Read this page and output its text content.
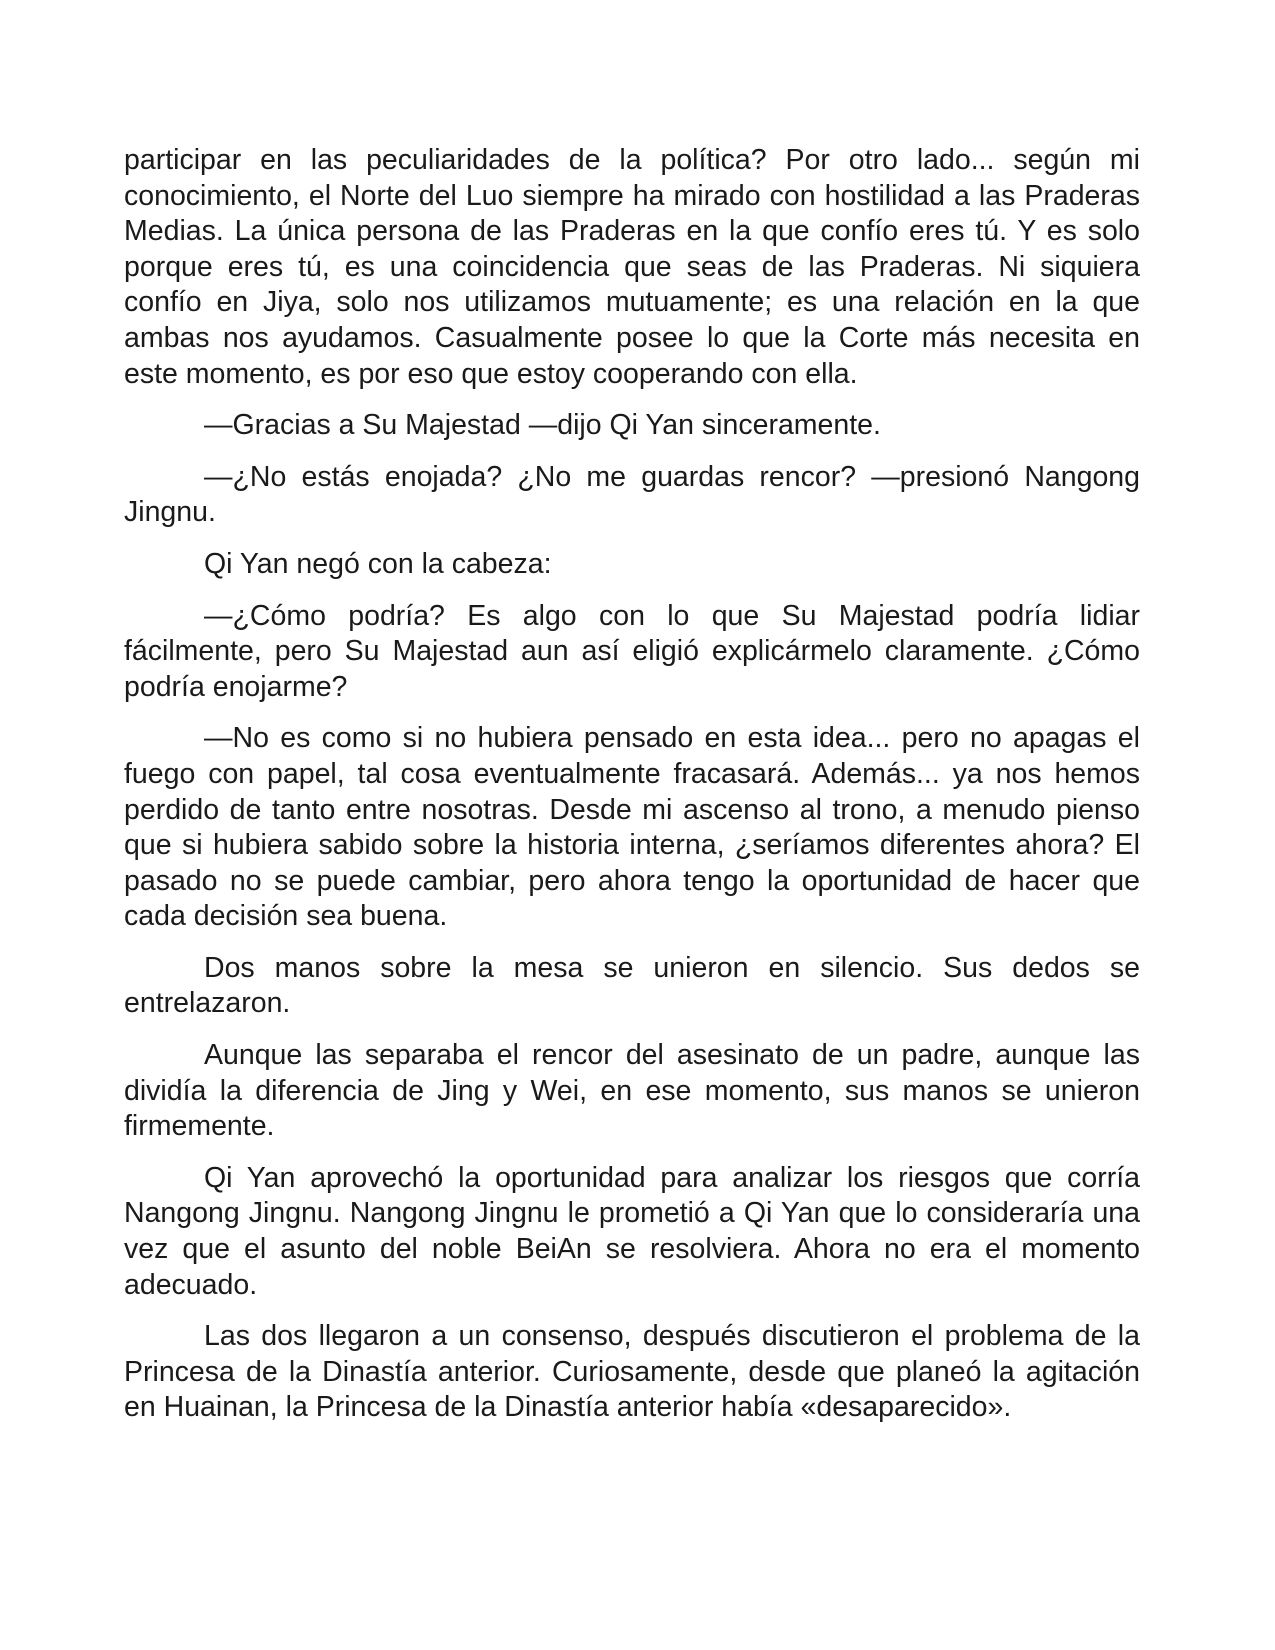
participar en las peculiaridades de la política? Por otro lado... según mi conocimiento, el Norte del Luo siempre ha mirado con hostilidad a las Praderas Medias. La única persona de las Praderas en la que confío eres tú. Y es solo porque eres tú, es una coincidencia que seas de las Praderas. Ni siquiera confío en Jiya, solo nos utilizamos mutuamente; es una relación en la que ambas nos ayudamos. Casualmente posee lo que la Corte más necesita en este momento, es por eso que estoy cooperando con ella.

—Gracias a Su Majestad —dijo Qi Yan sinceramente.

—¿No estás enojada? ¿No me guardas rencor? —presionó Nangong Jingnu.

Qi Yan negó con la cabeza:

—¿Cómo podría? Es algo con lo que Su Majestad podría lidiar fácilmente, pero Su Majestad aun así eligió explicármelo claramente. ¿Cómo podría enojarme?

—No es como si no hubiera pensado en esta idea... pero no apagas el fuego con papel, tal cosa eventualmente fracasará. Además... ya nos hemos perdido de tanto entre nosotras. Desde mi ascenso al trono, a menudo pienso que si hubiera sabido sobre la historia interna, ¿seríamos diferentes ahora? El pasado no se puede cambiar, pero ahora tengo la oportunidad de hacer que cada decisión sea buena.

Dos manos sobre la mesa se unieron en silencio. Sus dedos se entrelazaron.

Aunque las separaba el rencor del asesinato de un padre, aunque las dividía la diferencia de Jing y Wei, en ese momento, sus manos se unieron firmemente.

Qi Yan aprovechó la oportunidad para analizar los riesgos que corría Nangong Jingnu. Nangong Jingnu le prometió a Qi Yan que lo consideraría una vez que el asunto del noble BeiAn se resolviera. Ahora no era el momento adecuado.

Las dos llegaron a un consenso, después discutieron el problema de la Princesa de la Dinastía anterior. Curiosamente, desde que planeó la agitación en Huainan, la Princesa de la Dinastía anterior había «desaparecido».
